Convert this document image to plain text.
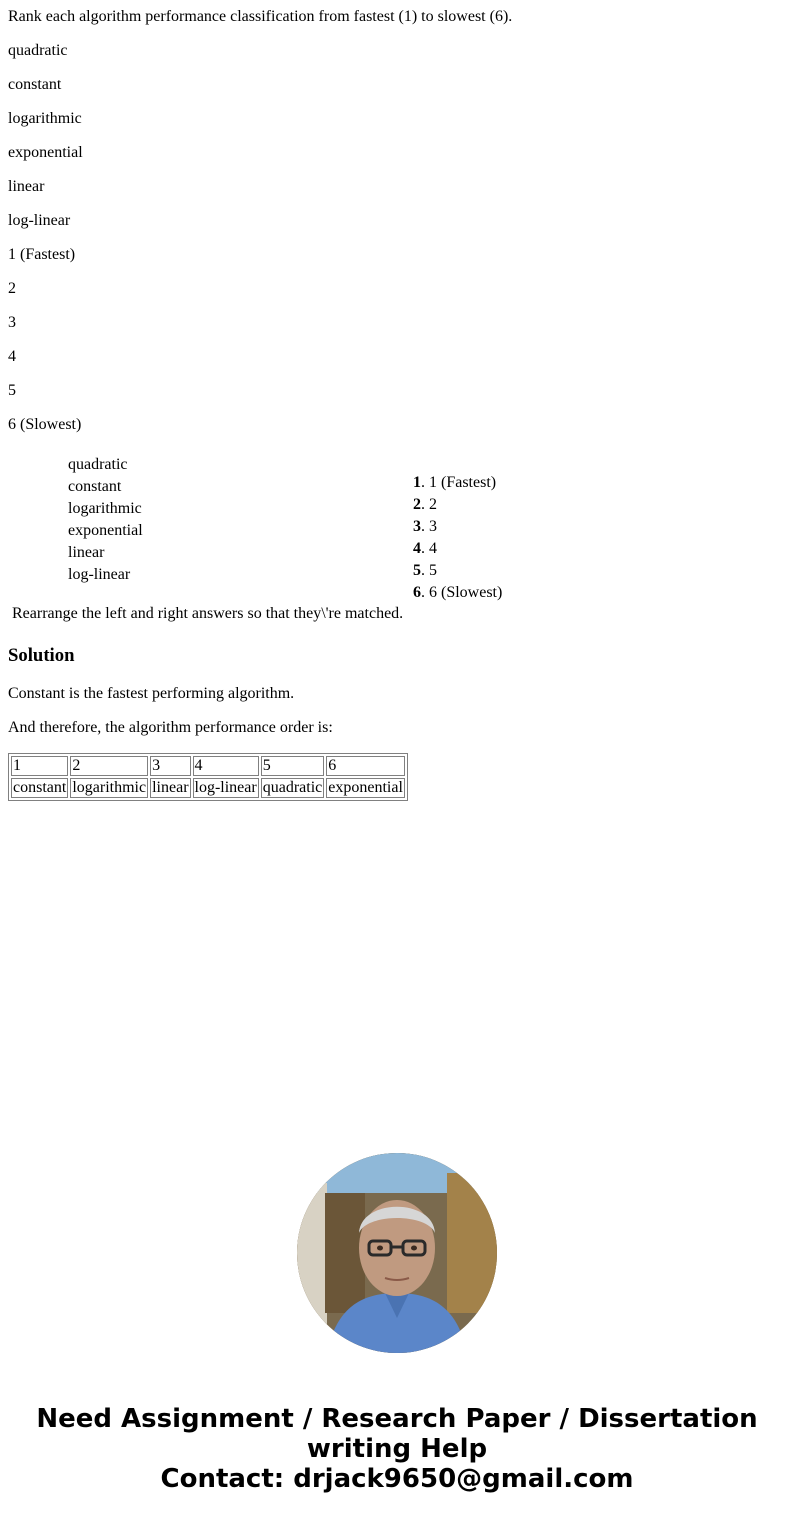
Rank each algorithm performance classification from fastest (1) to slowest (6).

quadratic

constant

logarithmic

exponential

linear

log-linear

1 (Fastest)

2

3

4

5

6 (Slowest)

quadratic
constant
logarithmic
exponential
linear
log-linear
1. 1 (Fastest)
2. 2
3. 3
4. 4
5. 5
6. 6 (Slowest)
Rearrange the left and right answers so that they\'re matched.
Solution

Constant is the fastest performing algorithm.

And therefore, the algorithm performance order is:

1	2	3	4	5	6
constant	logarithmic	linear	log-linear	quadratic	exponential
Need Assignment / Research Paper / Dissertation
writing Help
Contact: drjack9650@gmail.com
